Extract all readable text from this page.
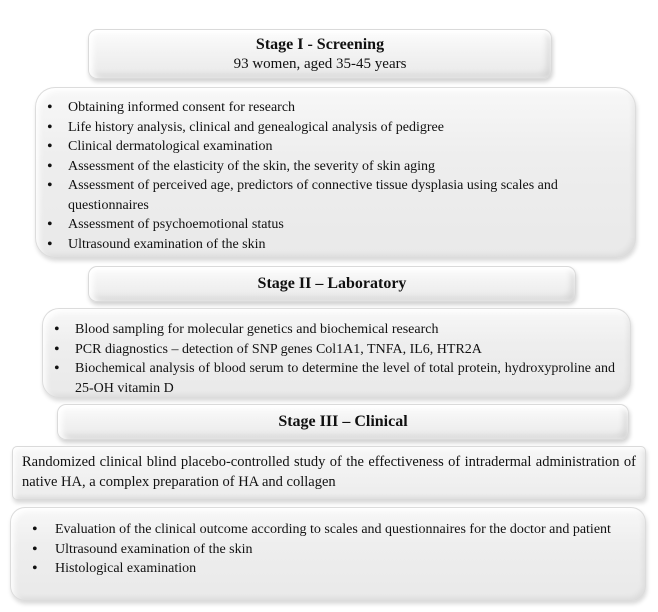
Stage I - Screening
93 women, aged 35-45 years
• Obtaining informed consent for research
• Life history analysis, clinical and genealogical analysis of pedigree
• Clinical dermatological examination
• Assessment of the elasticity of the skin, the severity of skin aging
• Assessment of perceived age, predictors of connective tissue dysplasia using scales and questionnaires
• Assessment of psychoemotional status
• Ultrasound examination of the skin
Stage II – Laboratory
• Blood sampling for molecular genetics and biochemical research
• PCR diagnostics – detection of SNP genes Col1A1, TNFA, IL6, HTR2A
• Biochemical analysis of blood serum to determine the level of total protein, hydroxyproline and 25-OH vitamin D
Stage III – Clinical

Randomized clinical blind placebo-controlled study of the effectiveness of intradermal administration of native HA, a complex preparation of HA and collagen

• Evaluation of the clinical outcome according to scales and questionnaires for the doctor and patient
• Ultrasound examination of the skin
• Histological examination
